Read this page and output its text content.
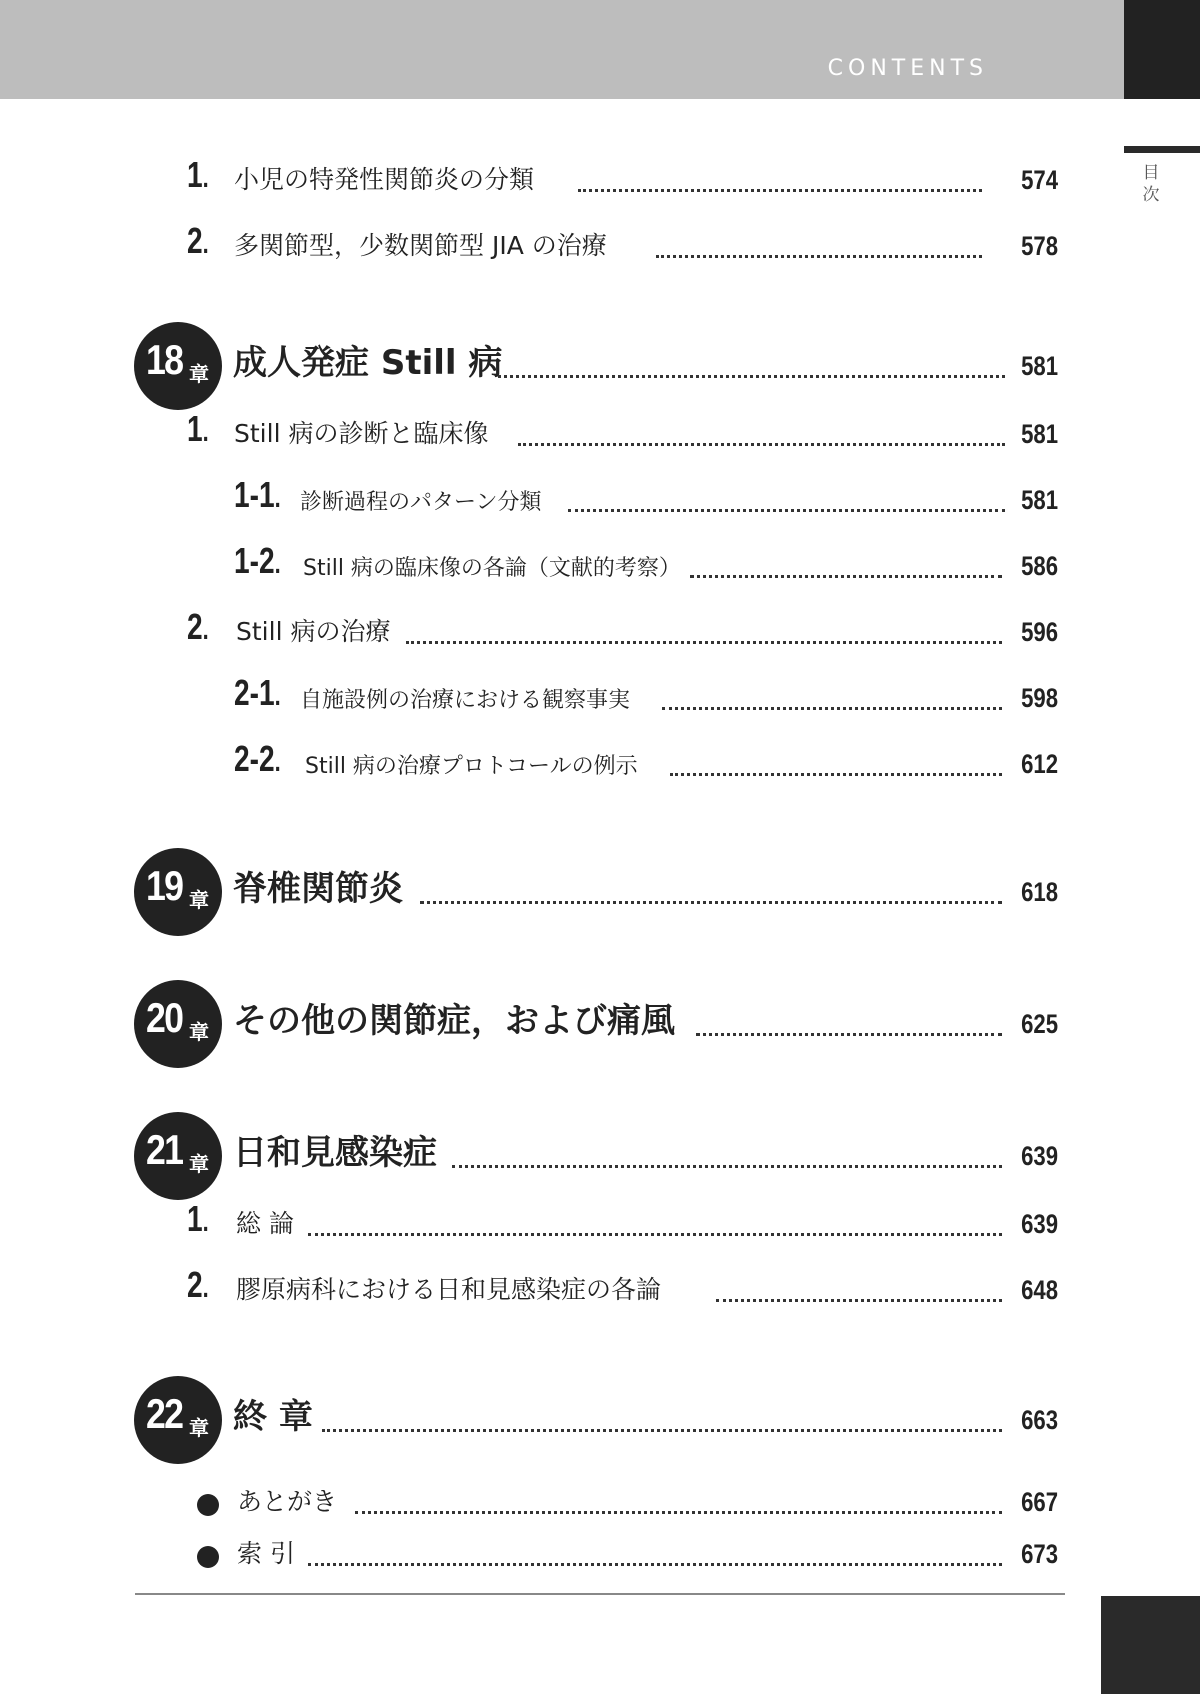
CONTENTS
目
次
1. 小児の特発性関節炎の分類	574
2. 多関節型，少数関節型 JIA の治療	578
18 章 成人発症 Still 病	581
1. Still 病の診断と臨床像	581
1-1. 診断過程のパターン分類	581
1-2. Still 病の臨床像の各論（文献的考察）	586
2. Still 病の治療	596
2-1. 自施設例の治療における観察事実	598
2-2. Still 病の治療プロトコールの例示	612
19 章 脊椎関節炎	618
20 章 その他の関節症，および痛風	625
21 章 日和見感染症	639
1. 総 論	639
2. 膠原病科における日和見感染症の各論	648
22 章 終 章	663
あとがき	667
索 引	673
